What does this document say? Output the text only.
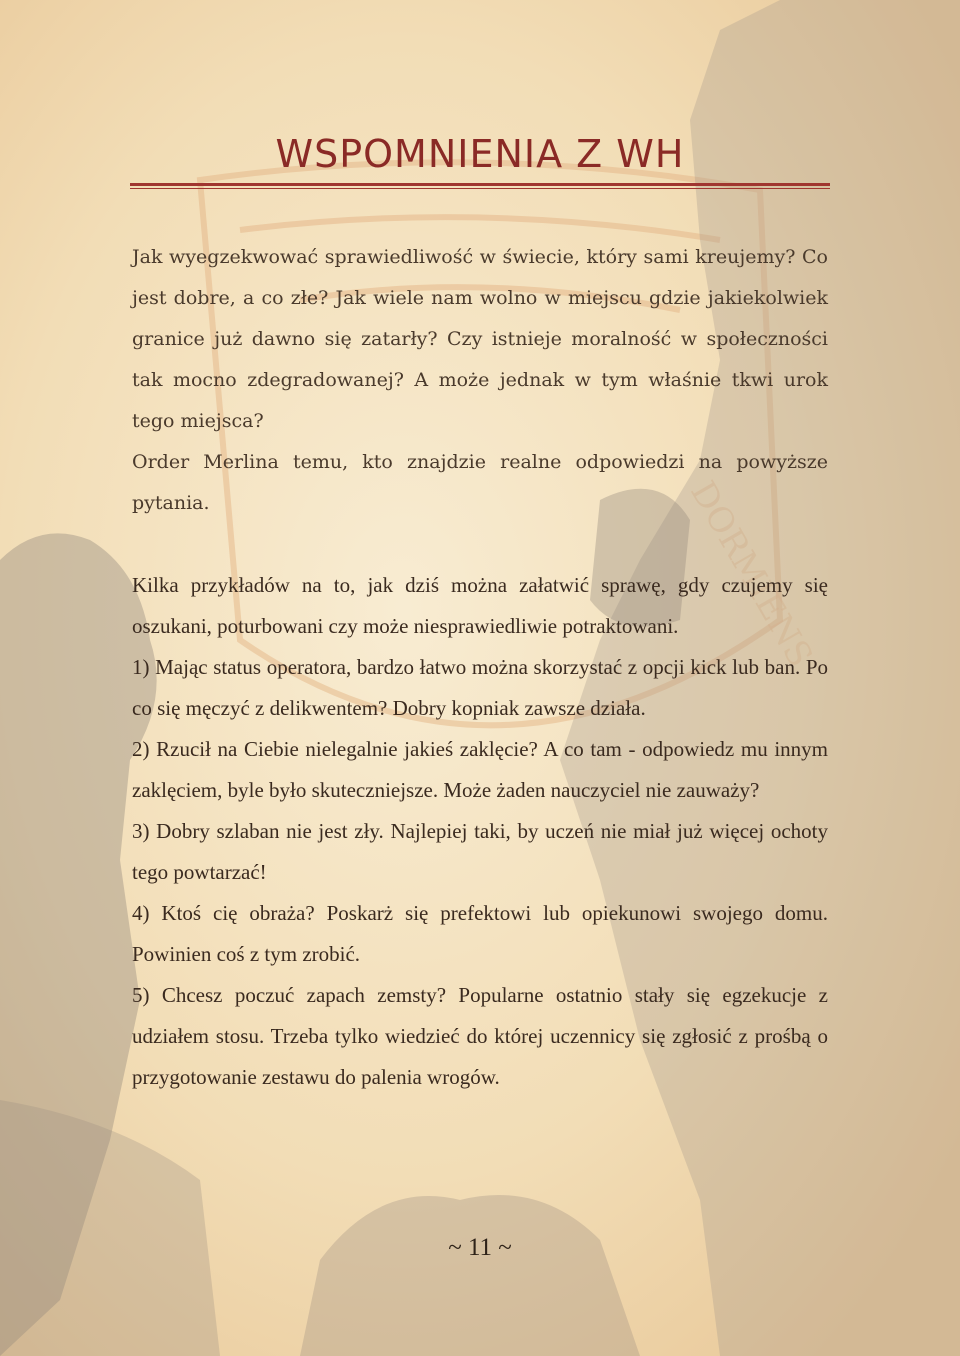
DORMIENS
WSPOMNIENIA Z WH
Jak wyegzekwować sprawiedliwość w świecie, który sami kreujemy? Co jest dobre, a co złe? Jak wiele nam wolno w miejscu gdzie jakiekolwiek granice już dawno się zatarły? Czy istnieje moralność w społeczności tak mocno zdegradowanej? A może jednak w tym właśnie tkwi urok tego miejsca?
Order Merlina temu, kto znajdzie realne odpowiedzi na powyższe pytania.
Kilka przykładów na to, jak dziś można załatwić sprawę, gdy czujemy się oszukani, poturbowani czy może niesprawiedliwie potraktowani.
1) Mając status operatora, bardzo łatwo można skorzystać z opcji kick lub ban. Po co się męczyć z delikwentem? Dobry kopniak zawsze działa.
2) Rzucił na Ciebie nielegalnie jakieś zaklęcie? A co tam - odpowiedz mu innym zaklęciem, byle było skuteczniejsze. Może żaden nauczyciel nie zauważy?
3) Dobry szlaban nie jest zły. Najlepiej taki, by uczeń nie miał już więcej ochoty tego powtarzać!
4) Ktoś cię obraża? Poskarż się prefektowi lub opiekunowi swojego domu. Powinien coś z tym zrobić.
5) Chcesz poczuć zapach zemsty? Popularne ostatnio stały się egzekucje z udziałem stosu. Trzeba tylko wiedzieć do której uczennicy się zgłosić z prośbą o przygotowanie zestawu do palenia wrogów.
~ 11 ~
